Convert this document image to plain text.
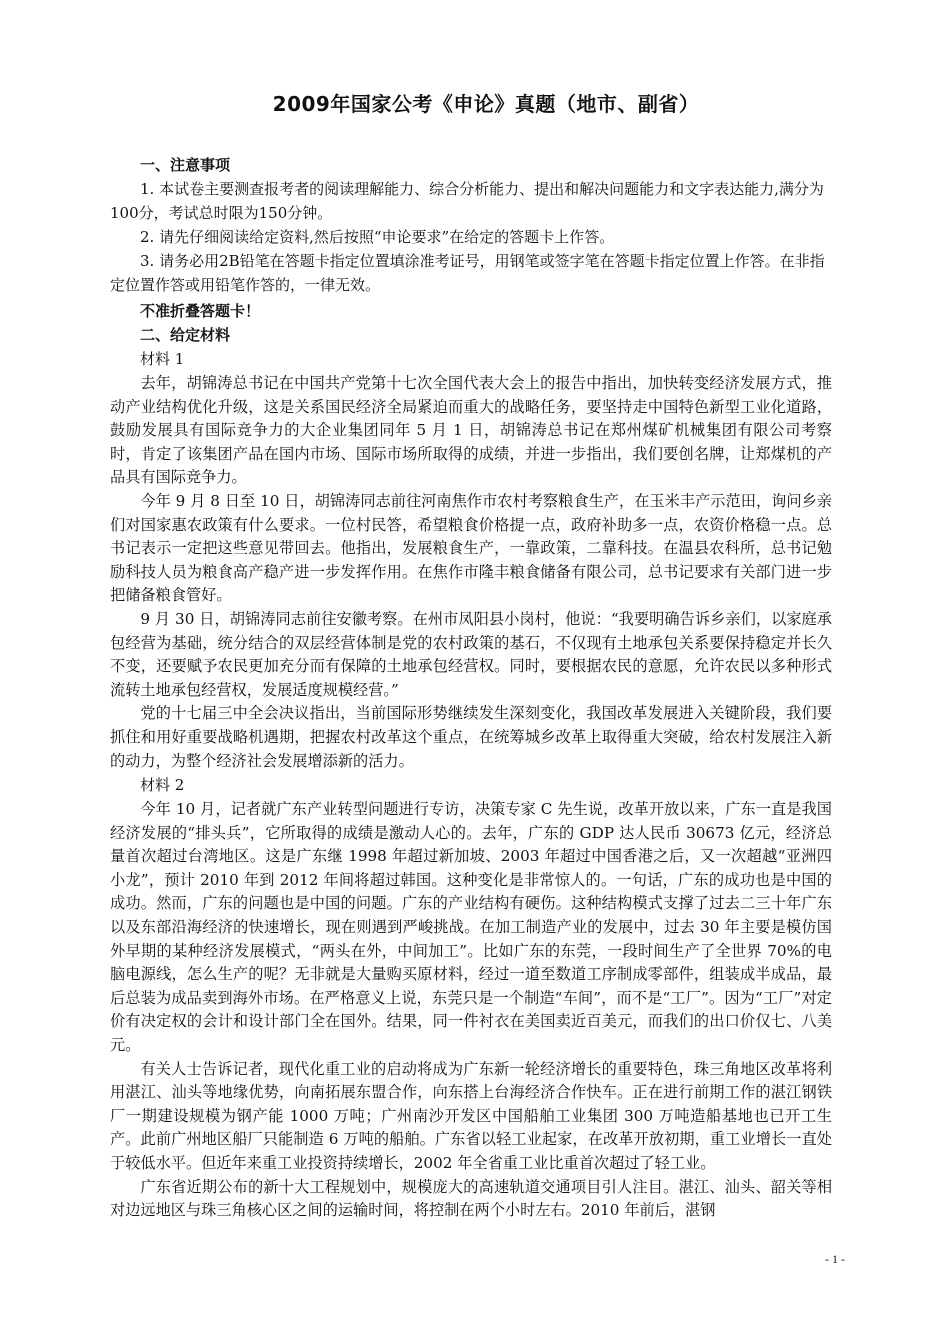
2009年国家公考《申论》真题（地市、副省）
一、注意事项

1. 本试卷主要测查报考者的阅读理解能力、综合分析能力、提出和解决问题能力和文字表达能力,满分为100分，考试总时限为150分钟。

2. 请先仔细阅读给定资料,然后按照“申论要求”在给定的答题卡上作答。

3. 请务必用2B铅笔在答题卡指定位置填涂准考证号，用钢笔或签字笔在答题卡指定位置上作答。在非指定位置作答或用铅笔作答的，一律无效。

不准折叠答题卡！
二、给定材料
材料 1

去年，胡锦涛总书记在中国共产党第十七次全国代表大会上的报告中指出，加快转变经济发展方式，推动产业结构优化升级，这是关系国民经济全局紧迫而重大的战略任务，要坚持走中国特色新型工业化道路，鼓励发展具有国际竞争力的大企业集团同年 5 月 1 日，胡锦涛总书记在郑州煤矿机械集团有限公司考察时，肯定了该集团产品在国内市场、国际市场所取得的成绩，并进一步指出，我们要创名牌，让郑煤机的产品具有国际竞争力。

今年 9 月 8 日至 10 日，胡锦涛同志前往河南焦作市农村考察粮食生产，在玉米丰产示范田，询问乡亲们对国家惠农政策有什么要求。一位村民答，希望粮食价格提一点，政府补助多一点，农资价格稳一点。总书记表示一定把这些意见带回去。他指出，发展粮食生产，一靠政策，二靠科技。在温县农科所，总书记勉励科技人员为粮食高产稳产进一步发挥作用。在焦作市隆丰粮食储备有限公司，总书记要求有关部门进一步把储备粮食管好。

9 月 30 日，胡锦涛同志前往安徽考察。在州市凤阳县小岗村，他说：“我要明确告诉乡亲们，以家庭承包经营为基础，统分结合的双层经营体制是党的农村政策的基石，不仅现有土地承包关系要保持稳定并长久不变，还要赋予农民更加充分而有保障的土地承包经营权。同时，要根据农民的意愿，允许农民以多种形式流转土地承包经营权，发展适度规模经营。”

党的十七届三中全会决议指出，当前国际形势继续发生深刻变化，我国改革发展进入关键阶段，我们要抓住和用好重要战略机遇期，把握农村改革这个重点，在统筹城乡改革上取得重大突破，给农村发展注入新的动力，为整个经济社会发展增添新的活力。

材料 2

今年 10 月，记者就广东产业转型问题进行专访，决策专家 C 先生说，改革开放以来，广东一直是我国经济发展的“排头兵”，它所取得的成绩是激动人心的。去年，广东的 GDP 达人民币 30673 亿元，经济总量首次超过台湾地区。这是广东继 1998 年超过新加坡、2003 年超过中国香港之后，又一次超越“亚洲四小龙”，预计 2010 年到 2012 年间将超过韩国。这种变化是非常惊人的。一句话，广东的成功也是中国的成功。然而，广东的问题也是中国的问题。广东的产业结构有硬伤。这种结构模式支撑了过去二三十年广东以及东部沿海经济的快速增长，现在则遇到严峻挑战。在加工制造产业的发展中，过去 30 年主要是模仿国外早期的某种经济发展模式，“两头在外，中间加工”。比如广东的东莞，一段时间生产了全世界 70%的电脑电源线，怎么生产的呢？无非就是大量购买原材料，经过一道至数道工序制成零部件，组装成半成品，最后总装为成品卖到海外市场。在严格意义上说，东莞只是一个制造“车间”，而不是“工厂”。因为“工厂”对定价有决定权的会计和设计部门全在国外。结果，同一件衬衣在美国卖近百美元，而我们的出口价仅七、八美元。

有关人士告诉记者，现代化重工业的启动将成为广东新一轮经济增长的重要特色，珠三角地区改革将利用湛江、汕头等地缘优势，向南拓展东盟合作，向东搭上台海经济合作快车。正在进行前期工作的湛江钢铁厂一期建设规模为钢产能 1000 万吨；广州南沙开发区中国船舶工业集团 300 万吨造船基地也已开工生产。此前广州地区船厂只能制造 6 万吨的船舶。广东省以轻工业起家，在改革开放初期，重工业增长一直处于较低水平。但近年来重工业投资持续增长，2002 年全省重工业比重首次超过了轻工业。

广东省近期公布的新十大工程规划中，规模庞大的高速轨道交通项目引人注目。湛江、汕头、韶关等相对边远地区与珠三角核心区之间的运输时间，将控制在两个小时左右。2010 年前后，湛钢

- 1 -
